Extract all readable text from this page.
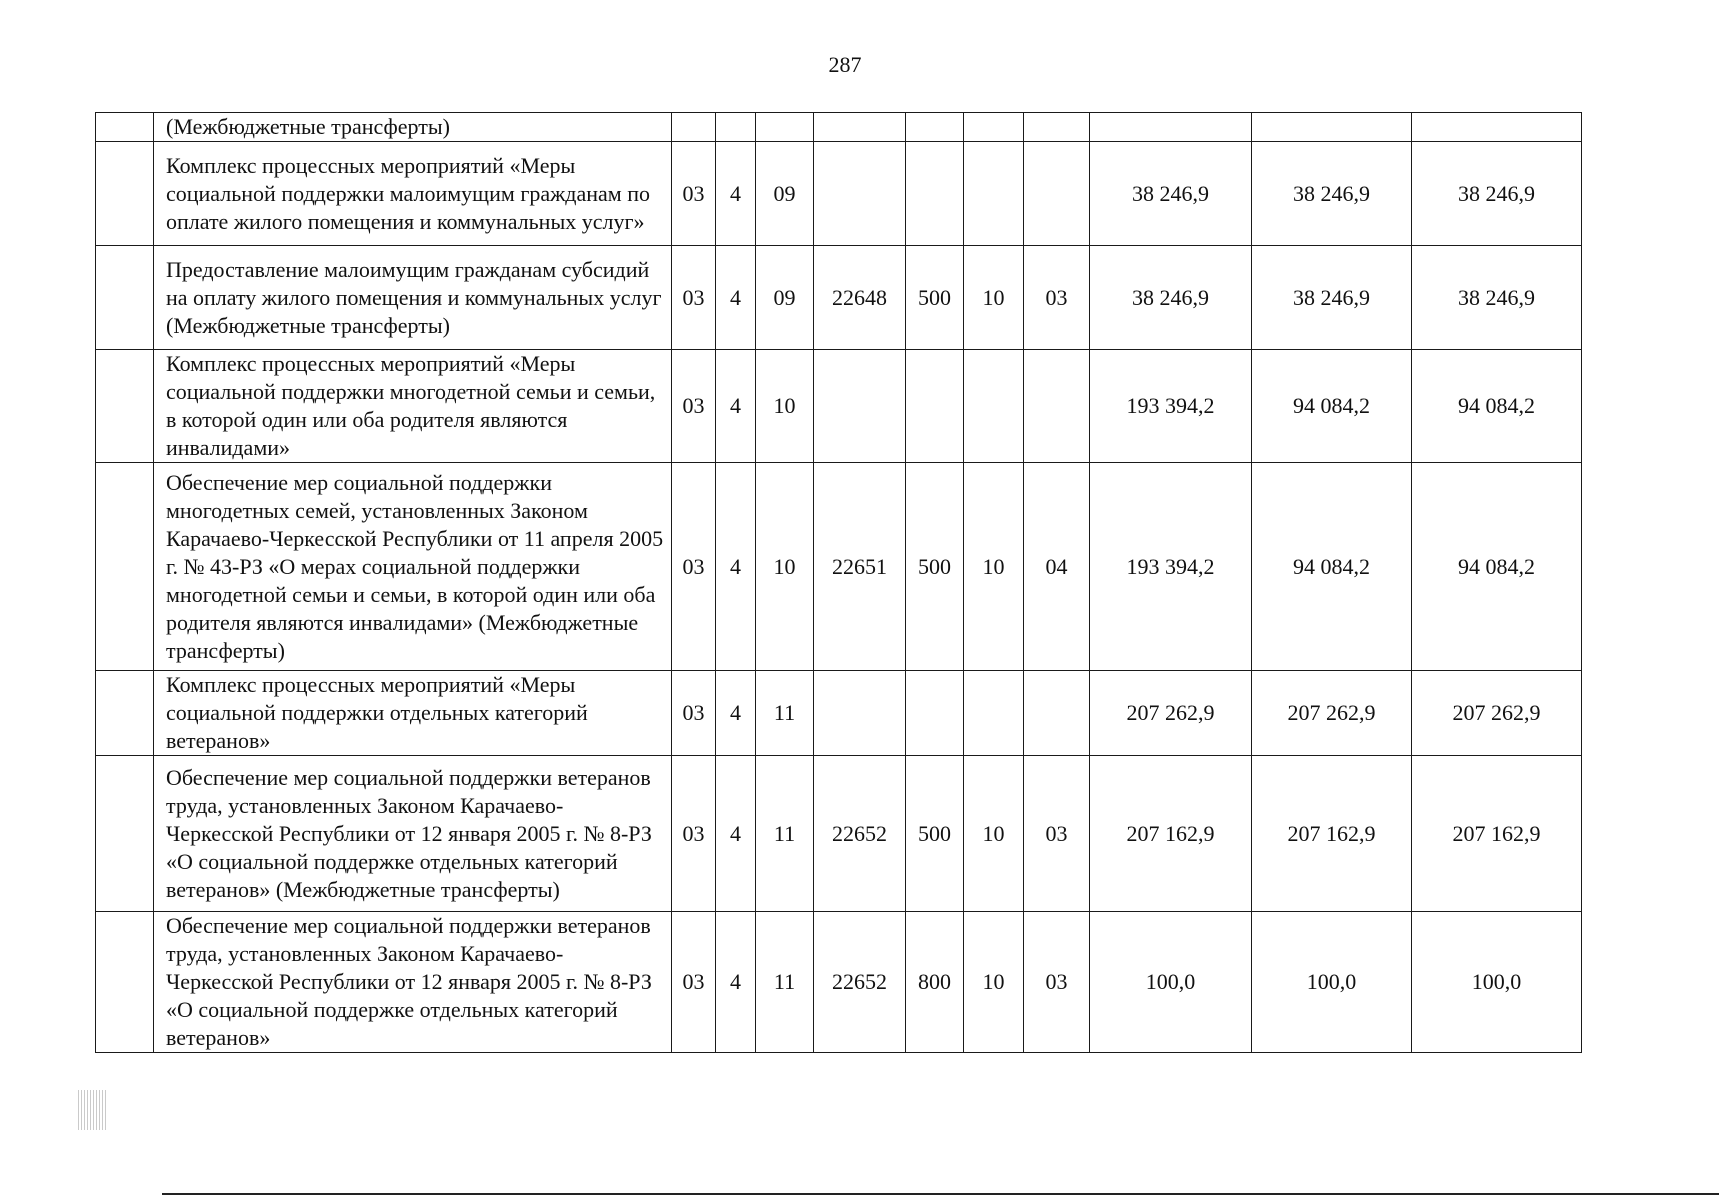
287
	(Межбюджетные трансферты)										
	Комплекс процессных мероприятий «Меры социальной поддержки малоимущим гражданам по оплате жилого помещения и коммунальных услуг»	03	4	09					38 246,9	38 246,9	38 246,9
	Предоставление малоимущим гражданам субсидий на оплату жилого помещения и коммунальных услуг (Межбюджетные трансферты)	03	4	09	22648	500	10	03	38 246,9	38 246,9	38 246,9
	Комплекс процессных мероприятий «Меры социальной поддержки многодетной семьи и семьи, в которой один или оба родителя являются инвалидами»	03	4	10					193 394,2	94 084,2	94 084,2
	Обеспечение мер социальной поддержки многодетных семей, установленных Законом Карачаево-Черкесской Республики от 11 апреля 2005 г. № 43-РЗ «О мерах социальной поддержки многодетной семьи и семьи, в которой один или оба родителя являются инвалидами» (Межбюджетные трансферты)	03	4	10	22651	500	10	04	193 394,2	94 084,2	94 084,2
	Комплекс процессных мероприятий «Меры социальной поддержки отдельных категорий ветеранов»	03	4	11					207 262,9	207 262,9	207 262,9
	Обеспечение мер социальной поддержки ветеранов труда, установленных Законом Карачаево-Черкесской Республики от 12 января 2005 г. № 8-РЗ «О социальной поддержке отдельных категорий ветеранов» (Межбюджетные трансферты)	03	4	11	22652	500	10	03	207 162,9	207 162,9	207 162,9
	Обеспечение мер социальной поддержки ветеранов труда, установленных Законом Карачаево-Черкесской Республики от 12 января 2005 г. № 8-РЗ «О социальной поддержке отдельных категорий ветеранов»	03	4	11	22652	800	10	03	100,0	100,0	100,0
